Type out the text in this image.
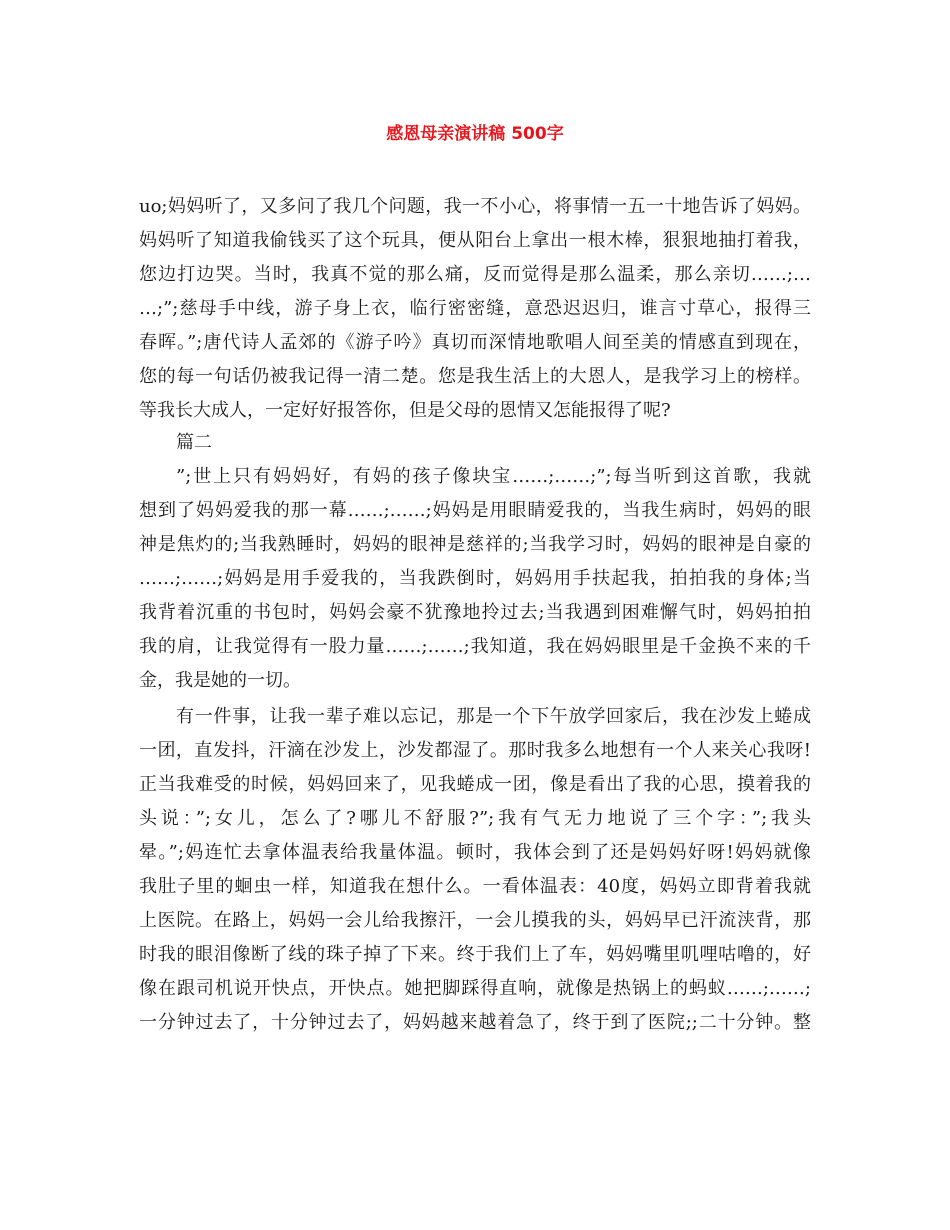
感恩母亲演讲稿 500字
uo;妈妈听了，又多问了我几个问题，我一不小心，将事情一五一十地告诉了妈妈。
妈妈听了知道我偷钱买了这个玩具，便从阳台上拿出一根木棒，狠狠地抽打着我，
您边打边哭。当时，我真不觉的那么痛，反而觉得是那么温柔，那么亲切……;…
…;”;慈母手中线，游子身上衣，临行密密缝，意恐迟迟归，谁言寸草心，报得三
春晖。”;唐代诗人孟郊的《游子吟》真切而深情地歌唱人间至美的情感直到现在，
您的每一句话仍被我记得一清二楚。您是我生活上的大恩人，是我学习上的榜样。
等我长大成人，一定好好报答你，但是父母的恩情又怎能报得了呢?
篇二
”;世上只有妈妈好，有妈的孩子像块宝……;……;”;每当听到这首歌，我就
想到了妈妈爱我的那一幕……;……;妈妈是用眼睛爱我的，当我生病时，妈妈的眼
神是焦灼的;当我熟睡时，妈妈的眼神是慈祥的;当我学习时，妈妈的眼神是自豪的
……;……;妈妈是用手爱我的，当我跌倒时，妈妈用手扶起我，拍拍我的身体;当
我背着沉重的书包时，妈妈会豪不犹豫地拎过去;当我遇到困难懈气时，妈妈拍拍
我的肩，让我觉得有一股力量……;……;我知道，我在妈妈眼里是千金换不来的千
金，我是她的一切。
有一件事，让我一辈子难以忘记，那是一个下午放学回家后，我在沙发上蜷成
一团，直发抖，汗滴在沙发上，沙发都湿了。那时我多么地想有一个人来关心我呀!
正当我难受的时候，妈妈回来了，见我蜷成一团，像是看出了我的心思，摸着我的
头说：”;女儿，怎么了?哪儿不舒服?”;我有气无力地说了三个字：”;我头
晕。”;妈连忙去拿体温表给我量体温。顿时，我体会到了还是妈妈好呀!妈妈就像
我肚子里的蛔虫一样，知道我在想什么。一看体温表：40度，妈妈立即背着我就
上医院。在路上，妈妈一会儿给我擦汗，一会儿摸我的头，妈妈早已汗流浃背，那
时我的眼泪像断了线的珠子掉了下来。终于我们上了车，妈妈嘴里叽哩咕噜的，好
像在跟司机说开快点，开快点。她把脚踩得直响，就像是热锅上的蚂蚁……;……;
一分钟过去了，十分钟过去了，妈妈越来越着急了，终于到了医院;;二十分钟。整
